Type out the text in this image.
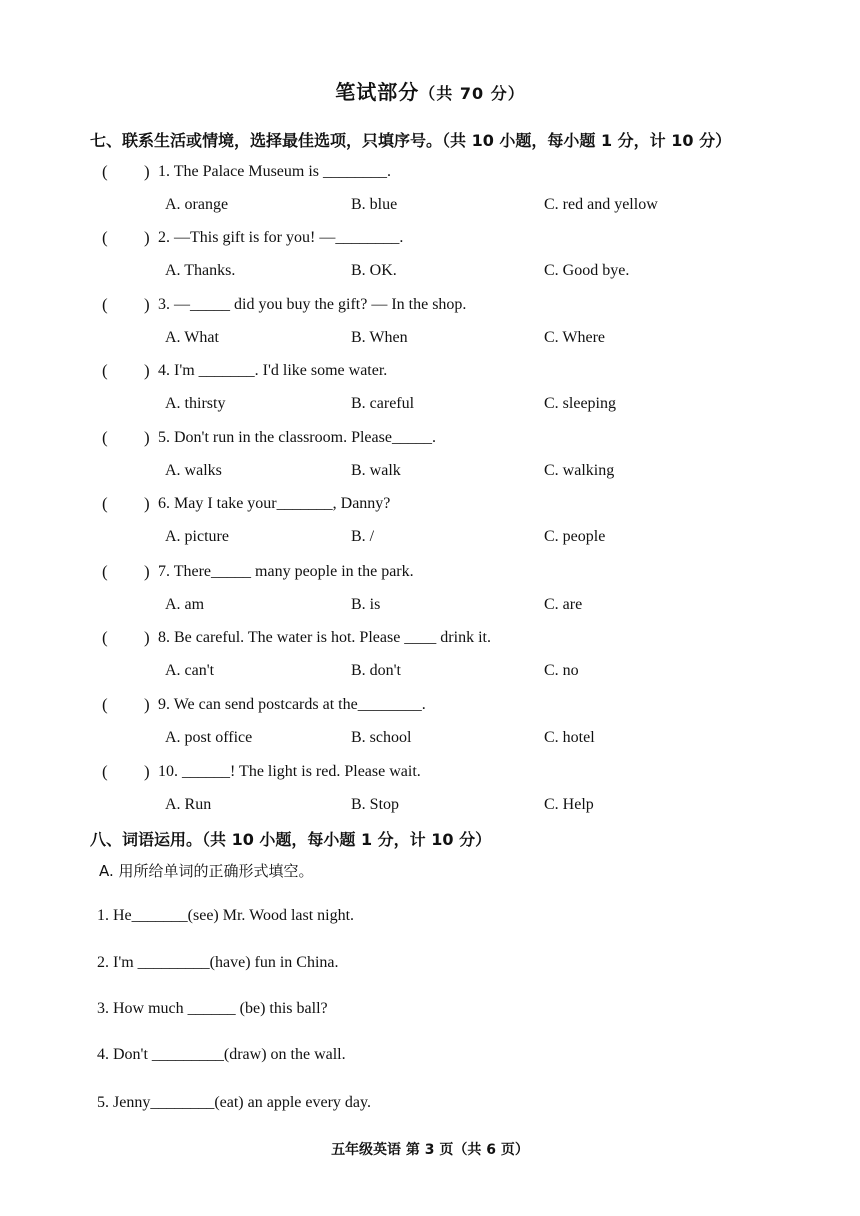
笔试部分（共 70 分）
七、联系生活或情境，选择最佳选项，只填序号。（共 10 小题，每小题 1 分，计 10 分）
( ) 1. The Palace Museum is ________.
A. orange	B. blue	C. red and yellow
( ) 2. —This gift is for you! —________.
A. Thanks.	B. OK.	C. Good bye.
( ) 3. —_____ did you buy the gift? — In the shop.
A. What	B. When	C. Where
( ) 4. I'm _______. I'd like some water.
A. thirsty	B. careful	C. sleeping
( ) 5. Don't run in the classroom. Please_____.
A. walks	B. walk	C. walking
( ) 6. May I take your_______, Danny?
A. picture	B. /	C. people
( ) 7. There_____ many people in the park.
A. am	B. is	C. are
( ) 8. Be careful. The water is hot. Please ____ drink it.
A. can't	B. don't	C. no
( ) 9. We can send postcards at the________.
A. post office	B. school	C. hotel
( ) 10. ______! The light is red. Please wait.
A. Run	B. Stop	C. Help
八、词语运用。（共 10 小题，每小题 1 分，计 10 分）
A. 用所给单词的正确形式填空。
1. He_______(see) Mr. Wood last night.
2. I'm _________(have) fun in China.
3. How much ______ (be) this ball?
4. Don't _________(draw) on the wall.
5. Jenny________(eat) an apple every day.
五年级英语 第 3 页（共 6 页）
